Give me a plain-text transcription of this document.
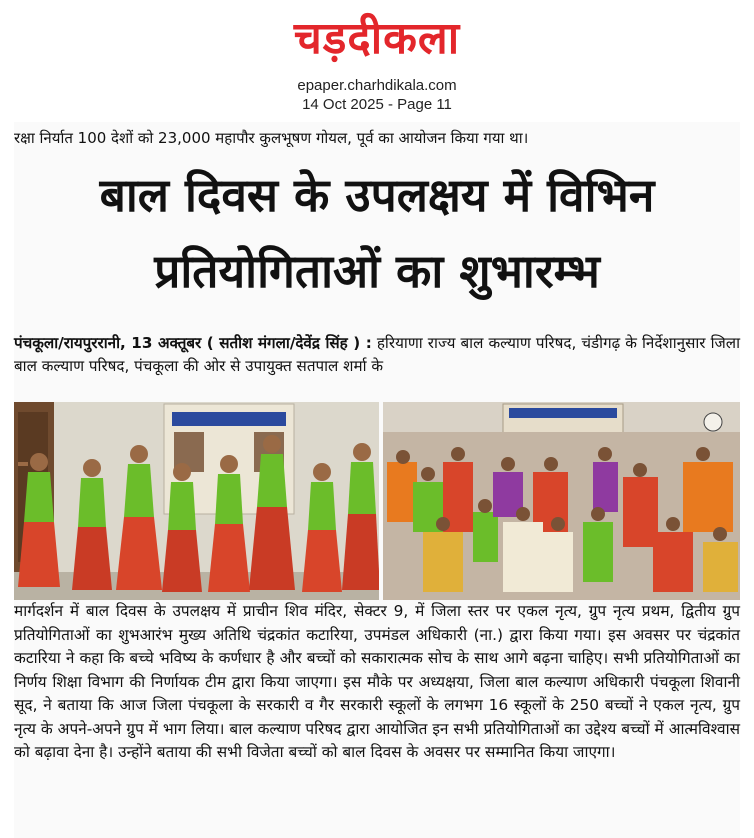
चड़दीकला
epaper.charhdikala.com
14 Oct 2025 - Page 11
रक्षा निर्यात 100 देशों को 23,000 महापौर कुलभूषण गोयल, पूर्व का आयोजन किया गया था।
बाल दिवस के उपलक्षय में विभिन
प्रतियोगिताओं का शुभारम्भ
पंचकूला/रायपुररानी, 13 अक्तूबर ( सतीश मंगला/देवेंद्र सिंह ) : हरियाणा राज्य बाल कल्याण परिषद, चंडीगढ़ के निर्देशानुसार जिला बाल कल्याण परिषद, पंचकूला की ओर से उपायुक्त सतपाल शर्मा के
मार्गदर्शन में बाल दिवस के उपलक्षय में प्राचीन शिव मंदिर, सेक्टर 9, में जिला स्तर पर एकल नृत्य, ग्रुप नृत्य प्रथम, द्वितीय ग्रुप प्रतियोगिताओं का शुभआरंभ मुख्य अतिथि चंद्रकांत कटारिया, उपमंडल अधिकारी (ना.) द्वारा किया गया। इस अवसर पर चंद्रकांत कटारिया ने कहा कि बच्चे भविष्य के कर्णधार है और बच्चों को सकारात्मक सोच के साथ आगे बढ़ना चाहिए। सभी प्रतियोगिताओं का निर्णय शिक्षा विभाग की निर्णायक टीम द्वारा किया जाएगा। इस मौके पर अध्यक्षया, जिला बाल कल्याण अधिकारी पंचकूला शिवानी सूद, ने बताया कि आज जिला पंचकूला के सरकारी व गैर सरकारी स्कूलों के लगभग 16 स्कूलों के 250 बच्चों ने एकल नृत्य, ग्रुप नृत्य के अपने-अपने ग्रुप में भाग लिया। बाल कल्याण परिषद द्वारा आयोजित इन सभी प्रतियोगिताओं का उद्देश्य बच्चों में आत्मविश्वास को बढ़ावा देना है। उन्होंने बताया की सभी विजेता बच्चों को बाल दिवस के अवसर पर सम्मानित किया जाएगा।
